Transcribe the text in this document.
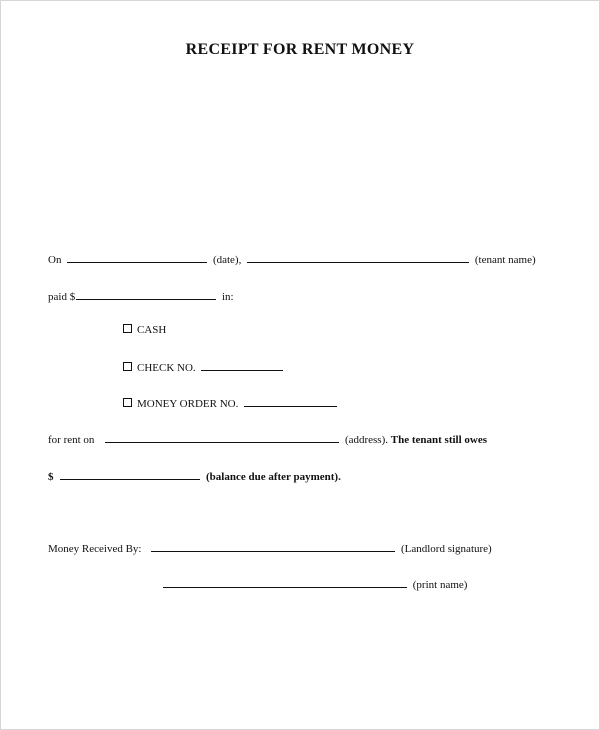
RECEIPT FOR RENT MONEY
On	(date),	(tenant name)
paid $	in:
CASH
CHECK NO.
MONEY ORDER NO.
for rent on	(address). The tenant still owes
$	(balance due after payment).
Money Received By:	(Landlord signature)
(print name)
